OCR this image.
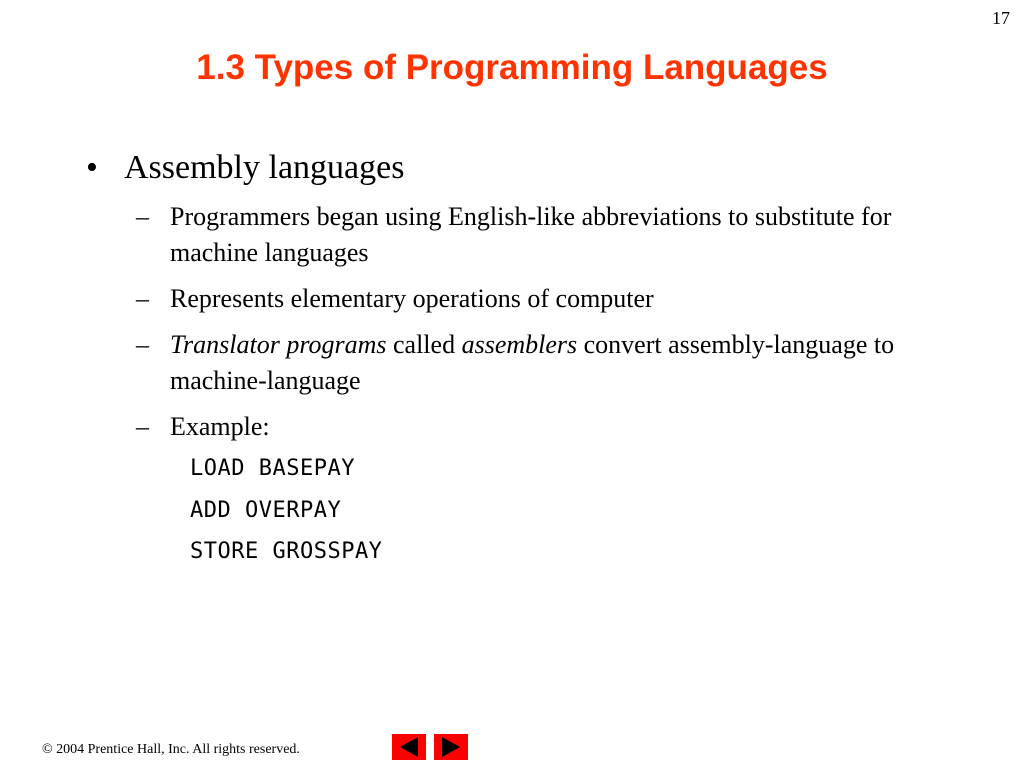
17
1.3 Types of Programming Languages
• Assembly languages
– Programmers began using English-like abbreviations to substitute for machine languages
– Represents elementary operations of computer
– Translator programs called assemblers convert assembly-language to machine-language
– Example:
LOAD BASEPAY
ADD OVERPAY
STORE GROSSPAY
© 2004 Prentice Hall, Inc. All rights reserved.
